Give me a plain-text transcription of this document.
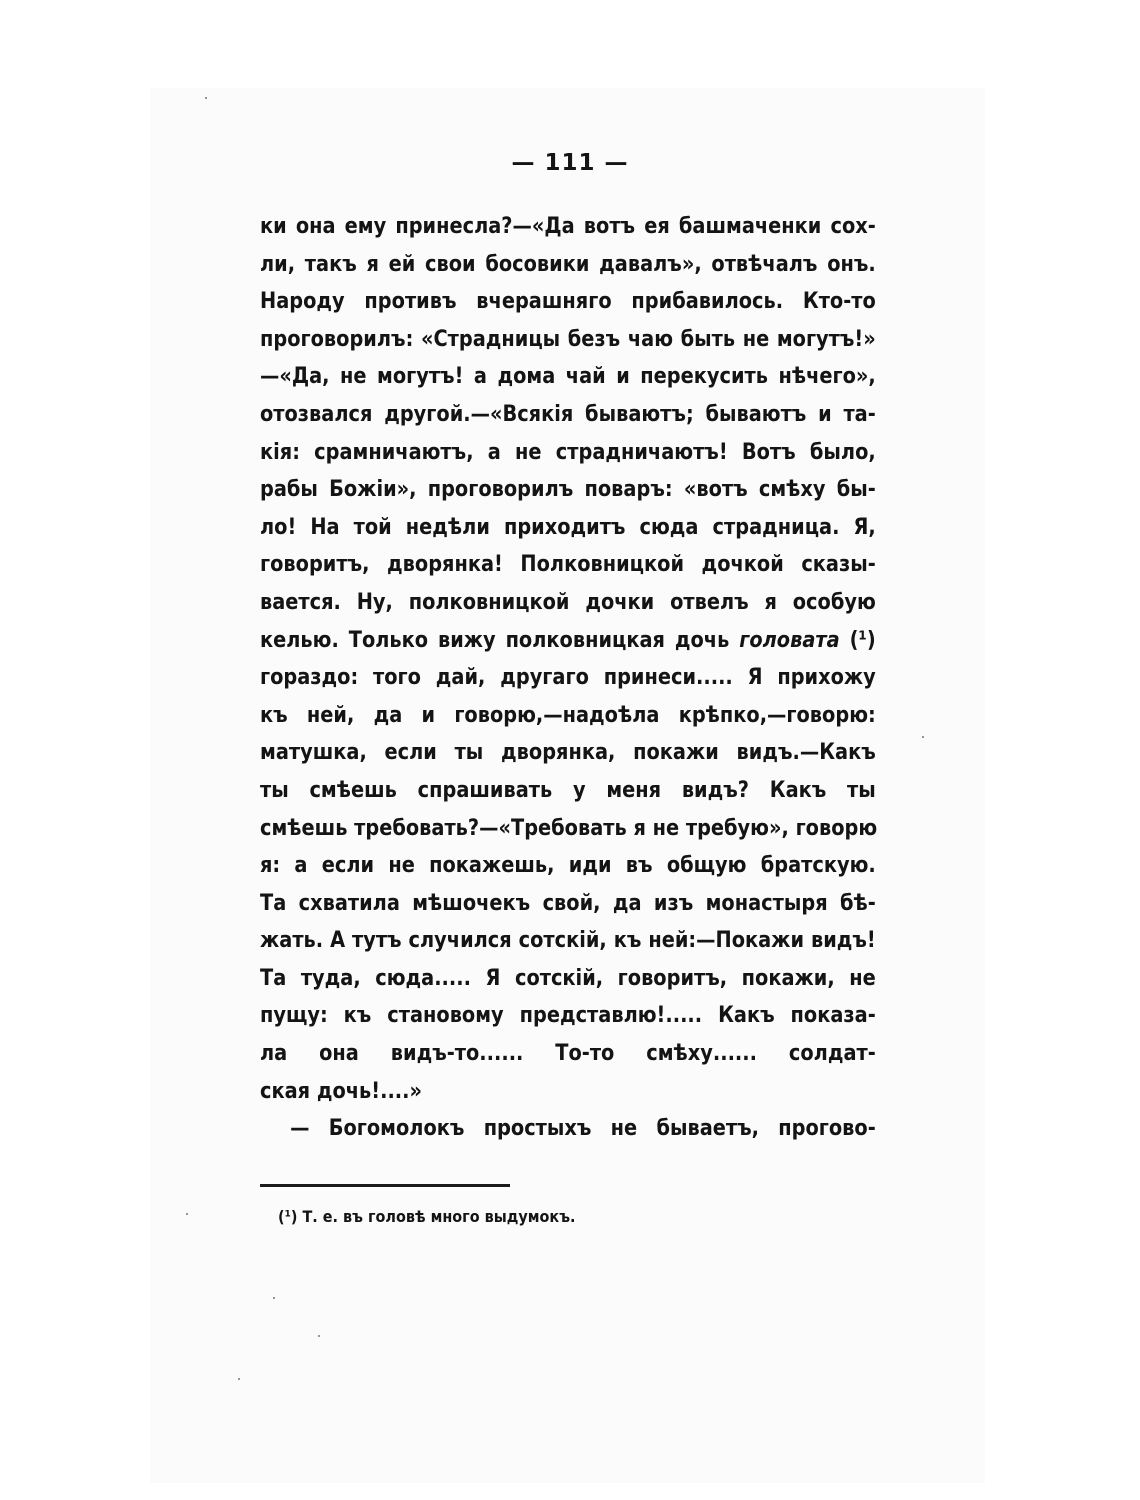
— 111 —
ки она ему принесла?—«Да вотъ ея башмаченки сох-
ли, такъ я ей свои босовики давалъ», отвѣчалъ онъ.
Народу противъ вчерашняго прибавилось. Кто-то
проговорилъ: «Страдницы безъ чаю быть не могутъ!»
—«Да, не могутъ! а дома чай и перекусить нѣчего»,
отозвался другой.—«Всякія бываютъ; бываютъ и та-
кія: срамничаютъ, а не страдничаютъ! Вотъ было,
рабы Божіи», проговорилъ поваръ: «вотъ смѣху бы-
ло! На той недѣли приходитъ сюда страдница. Я,
говоритъ, дворянка! Полковницкой дочкой сказы-
вается. Ну, полковницкой дочки отвелъ я особую
келью. Только вижу полковницкая дочь головата (¹)
гораздо: того дай, другаго принеси..... Я прихожу
къ ней, да и говорю,—надоѣла крѣпко,—говорю:
матушка, если ты дворянка, покажи видъ.—Какъ
ты смѣешь спрашивать у меня видъ? Какъ ты
смѣешь требовать?—«Требовать я не требую», говорю
я: а если не покажешь, иди въ общую братскую.
Та схватила мѣшочекъ свой, да изъ монастыря бѣ-
жать. А тутъ случился сотскій, къ ней:—Покажи видъ!
Та туда, сюда..... Я сотскій, говоритъ, покажи, не
пущу: къ становому представлю!..... Какъ показа-
ла она видъ-то...... То-то смѣху...... солдат-
ская дочь!....»
— Богомолокъ простыхъ не бываетъ, прогово-
(¹) Т. е. въ головѣ много выдумокъ.
